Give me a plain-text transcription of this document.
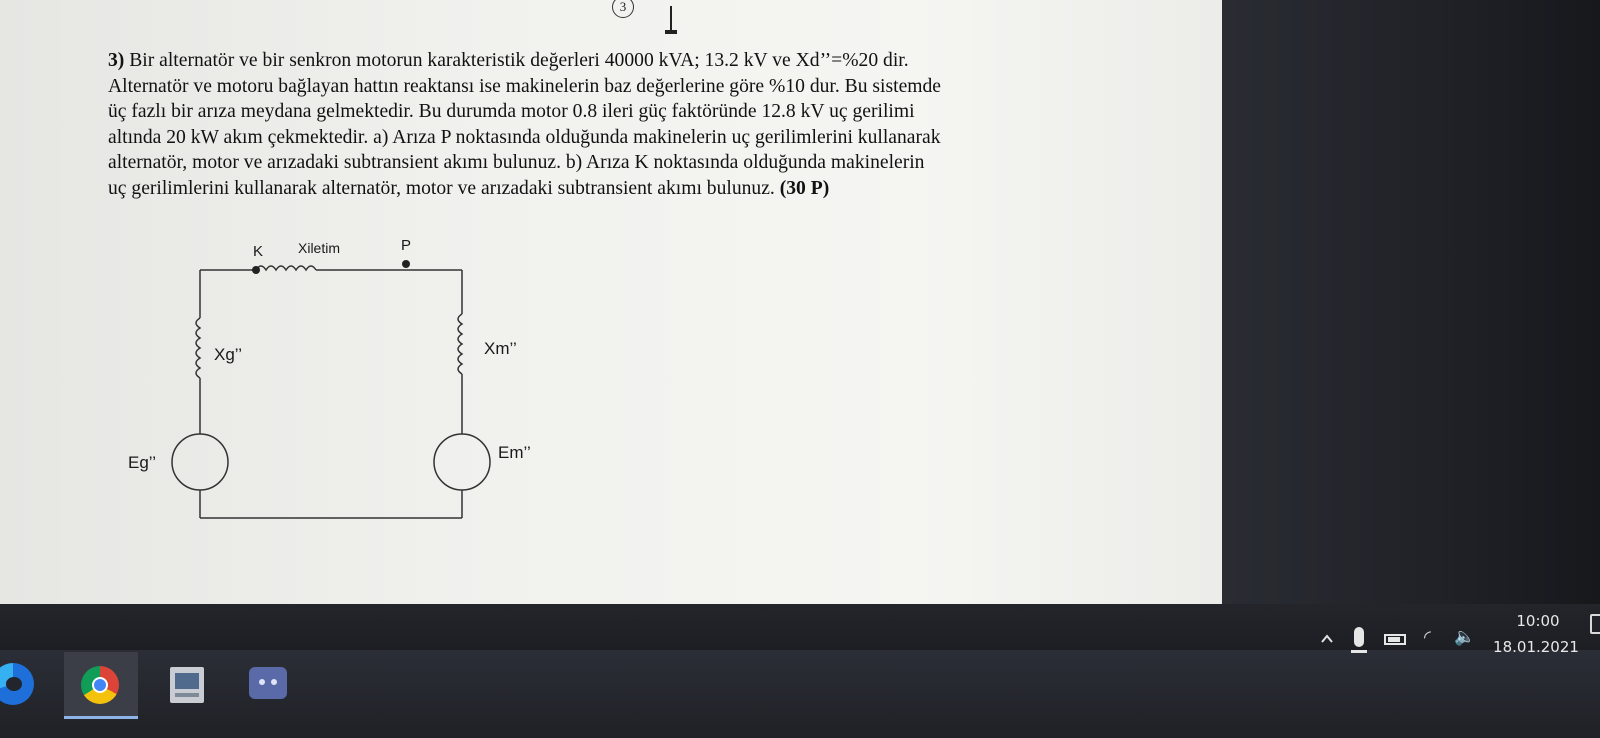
3

3) Bir alternatör ve bir senkron motorun karakteristik değerleri 40000 kVA; 13.2 kV ve Xd’’=%20 dir.

Alternatör ve motoru bağlayan hattın reaktansı ise makinelerin baz değerlerine göre %10 dur. Bu sistemde

üç fazlı bir arıza meydana gelmektedir. Bu durumda motor 0.8 ileri güç faktöründe 12.8 kV uç gerilimi

altında 20 kW akım çekmektedir. a) Arıza P noktasında olduğunda makinelerin uç gerilimlerini kullanarak

alternatör, motor ve arızadaki subtransient akımı bulunuz. b) Arıza K noktasında olduğunda makinelerin

uç gerilimlerini kullanarak alternatör, motor ve arızadaki subtransient akımı bulunuz. (30 P)

K Xiletim	P
Xg’’	Xm’’
Eg’’
Em’’
◜ 🔈
10:00
18.01.2021
